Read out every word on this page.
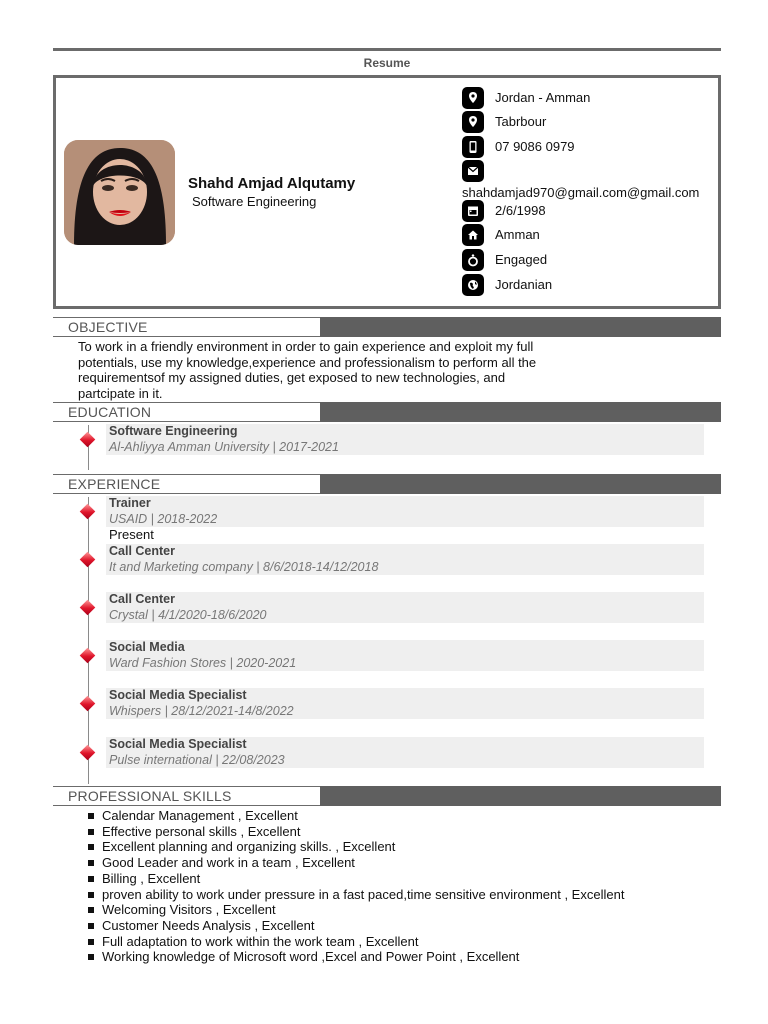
Resume
Shahd Amjad Alqutamy
Software Engineering
Jordan - Amman
Tabrbour
07 9086 0979
shahdamjad970@gmail.com@gmail.com
2/6/1998
Amman
Engaged
Jordanian
OBJECTIVE
To work in a friendly environment in order to gain experience and exploit my full
potentials, use my knowledge,experience and professionalism to perform all the
requirementsof my assigned duties, get exposed to new technologies, and
partcipate in it.
EDUCATION
Software Engineering
Al-Ahliyya Amman University | 2017-2021
EXPERIENCE
Trainer
USAID | 2018-2022
Present
Call Center
It and Marketing company | 8/6/2018-14/12/2018
Call Center
Crystal | 4/1/2020-18/6/2020
Social Media
Ward Fashion Stores | 2020-2021
Social Media Specialist
Whispers | 28/12/2021-14/8/2022
Social Media Specialist
Pulse international | 22/08/2023
PROFESSIONAL SKILLS
Calendar Management , Excellent
Effective personal skills , Excellent
Excellent planning and organizing skills. , Excellent
Good Leader and work in a team , Excellent
Billing , Excellent
proven ability to work under pressure in a fast paced,time sensitive environment , Excellent
Welcoming Visitors , Excellent
Customer Needs Analysis , Excellent
Full adaptation to work within the work team , Excellent
Working knowledge of Microsoft word ,Excel and Power Point , Excellent
